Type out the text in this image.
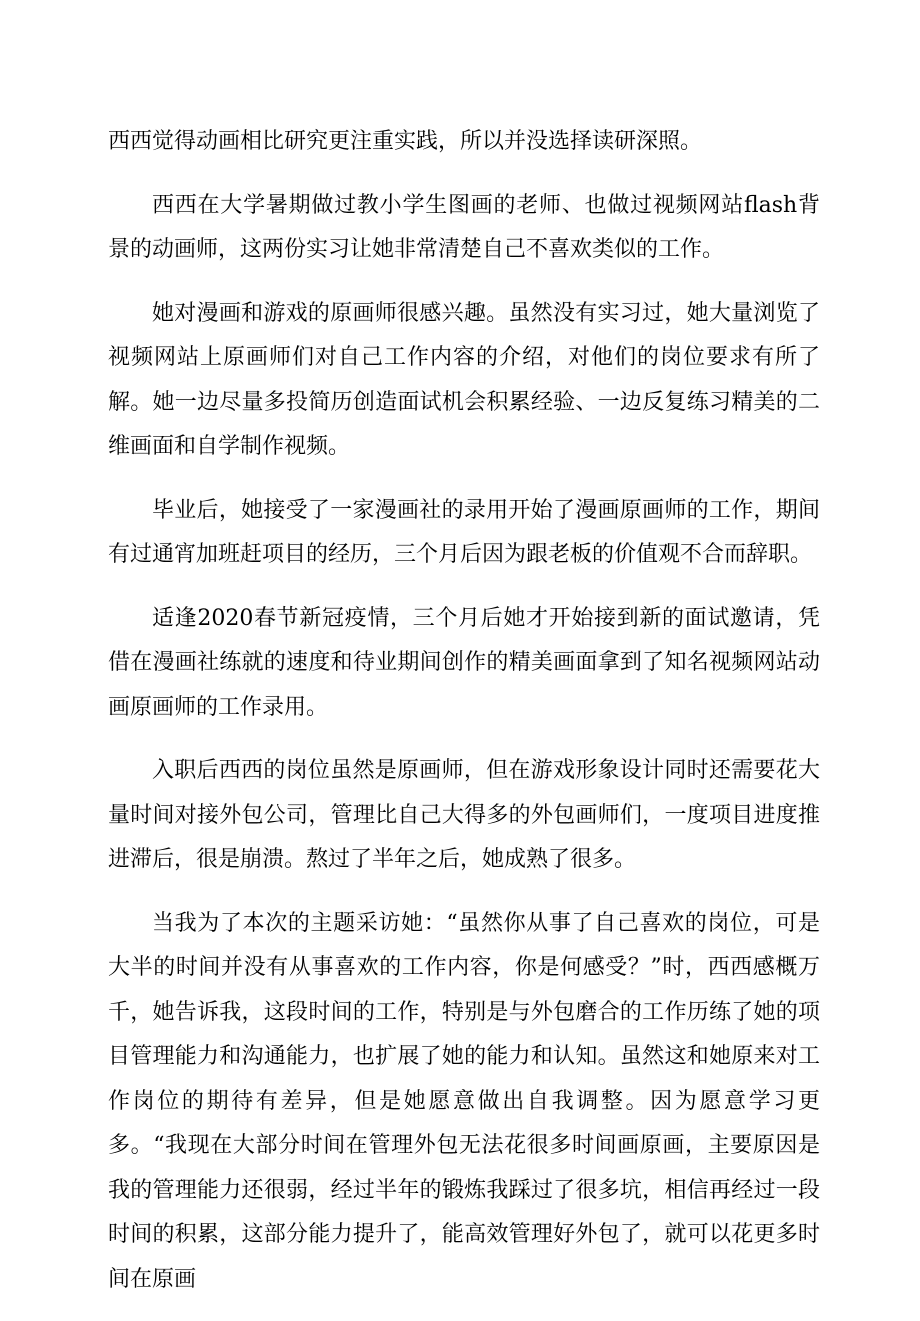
西西觉得动画相比研究更注重实践，所以并没选择读研深照。

西西在大学暑期做过教小学生图画的老师、也做过视频网站flash背景的动画师，这两份实习让她非常清楚自己不喜欢类似的工作。

她对漫画和游戏的原画师很感兴趣。虽然没有实习过，她大量浏览了视频网站上原画师们对自己工作内容的介绍，对他们的岗位要求有所了解。她一边尽量多投简历创造面试机会积累经验、一边反复练习精美的二维画面和自学制作视频。

毕业后，她接受了一家漫画社的录用开始了漫画原画师的工作，期间有过通宵加班赶项目的经历，三个月后因为跟老板的价值观不合而辞职。

适逢2020春节新冠疫情，三个月后她才开始接到新的面试邀请，凭借在漫画社练就的速度和待业期间创作的精美画面拿到了知名视频网站动画原画师的工作录用。

入职后西西的岗位虽然是原画师，但在游戏形象设计同时还需要花大量时间对接外包公司，管理比自己大得多的外包画师们，一度项目进度推进滞后，很是崩溃。熬过了半年之后，她成熟了很多。

当我为了本次的主题采访她：“虽然你从事了自己喜欢的岗位，可是大半的时间并没有从事喜欢的工作内容，你是何感受？”时，西西感概万千，她告诉我，这段时间的工作，特别是与外包磨合的工作历练了她的项目管理能力和沟通能力，也扩展了她的能力和认知。虽然这和她原来对工作岗位的期待有差异，但是她愿意做出自我调整。因为愿意学习更多。“我现在大部分时间在管理外包无法花很多时间画原画，主要原因是我的管理能力还很弱，经过半年的锻炼我踩过了很多坑，相信再经过一段时间的积累，这部分能力提升了，能高效管理好外包了，就可以花更多时间在原画
